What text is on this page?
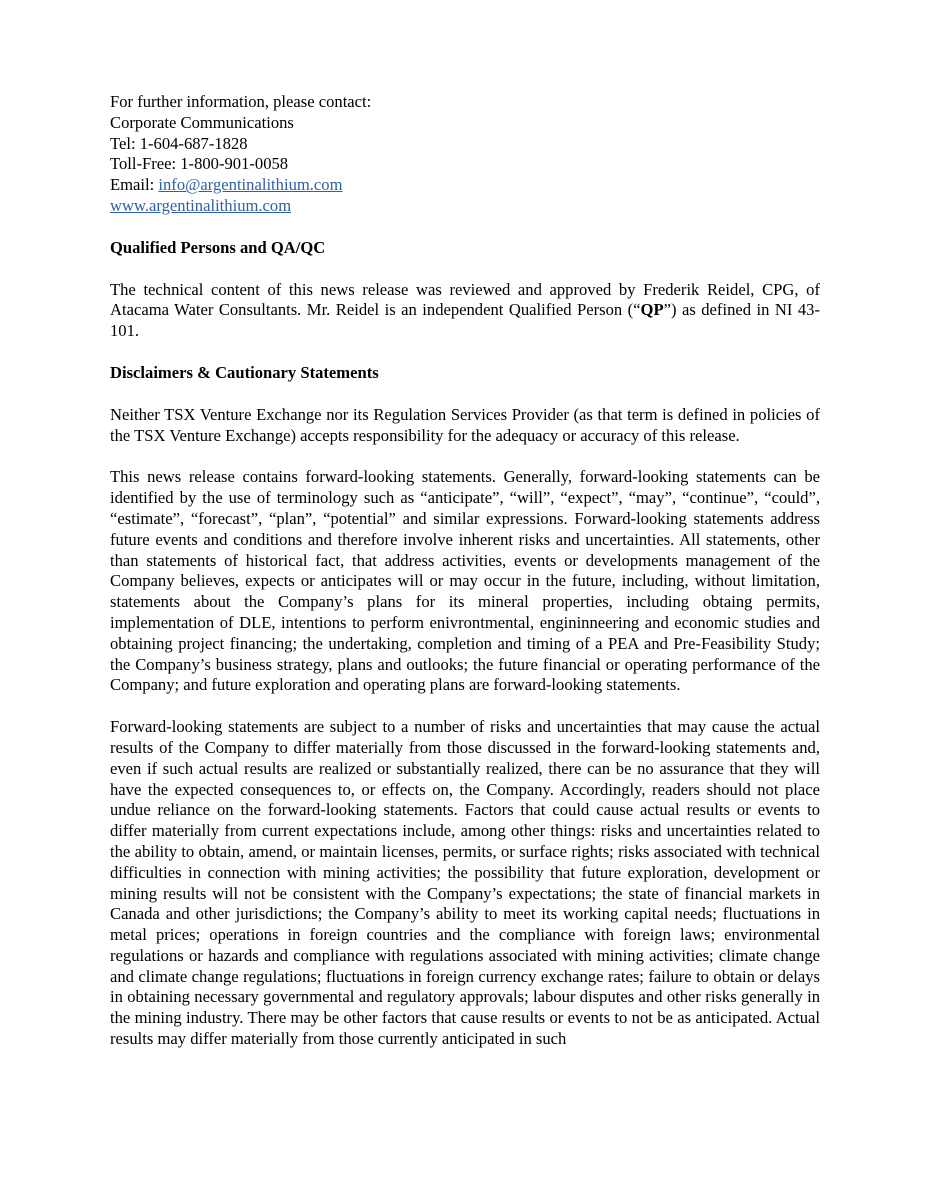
For further information, please contact:
Corporate Communications
Tel: 1-604-687-1828
Toll-Free: 1-800-901-0058
Email: info@argentinalithium.com
www.argentinalithium.com

Qualified Persons and QA/QC

The technical content of this news release was reviewed and approved by Frederik Reidel, CPG, of Atacama Water Consultants. Mr. Reidel is an independent Qualified Person (“QP”) as defined in NI 43-101.

Disclaimers & Cautionary Statements

Neither TSX Venture Exchange nor its Regulation Services Provider (as that term is defined in policies of the TSX Venture Exchange) accepts responsibility for the adequacy or accuracy of this release.

This news release contains forward-looking statements. Generally, forward-looking statements can be identified by the use of terminology such as “anticipate”, “will”, “expect”, “may”, “continue”, “could”, “estimate”, “forecast”, “plan”, “potential” and similar expressions. Forward-looking statements address future events and conditions and therefore involve inherent risks and uncertainties. All statements, other than statements of historical fact, that address activities, events or developments management of the Company believes, expects or anticipates will or may occur in the future, including, without limitation, statements about the Company’s plans for its mineral properties, including obtaing permits, implementation of DLE, intentions to perform enivrontmental, engininneering and economic studies and obtaining project financing; the undertaking, completion and timing of a PEA and Pre-Feasibility Study; the Company’s business strategy, plans and outlooks; the future financial or operating performance of the Company; and future exploration and operating plans are forward-looking statements.

Forward-looking statements are subject to a number of risks and uncertainties that may cause the actual results of the Company to differ materially from those discussed in the forward-looking statements and, even if such actual results are realized or substantially realized, there can be no assurance that they will have the expected consequences to, or effects on, the Company. Accordingly, readers should not place undue reliance on the forward-looking statements. Factors that could cause actual results or events to differ materially from current expectations include, among other things: risks and uncertainties related to the ability to obtain, amend, or maintain licenses, permits, or surface rights; risks associated with technical difficulties in connection with mining activities; the possibility that future exploration, development or mining results will not be consistent with the Company’s expectations; the state of financial markets in Canada and other jurisdictions; the Company’s ability to meet its working capital needs; fluctuations in metal prices; operations in foreign countries and the compliance with foreign laws; environmental regulations or hazards and compliance with regulations associated with mining activities; climate change and climate change regulations; fluctuations in foreign currency exchange rates; failure to obtain or delays in obtaining necessary governmental and regulatory approvals; labour disputes and other risks generally in the mining industry. There may be other factors that cause results or events to not be as anticipated. Actual results may differ materially from those currently anticipated in such
